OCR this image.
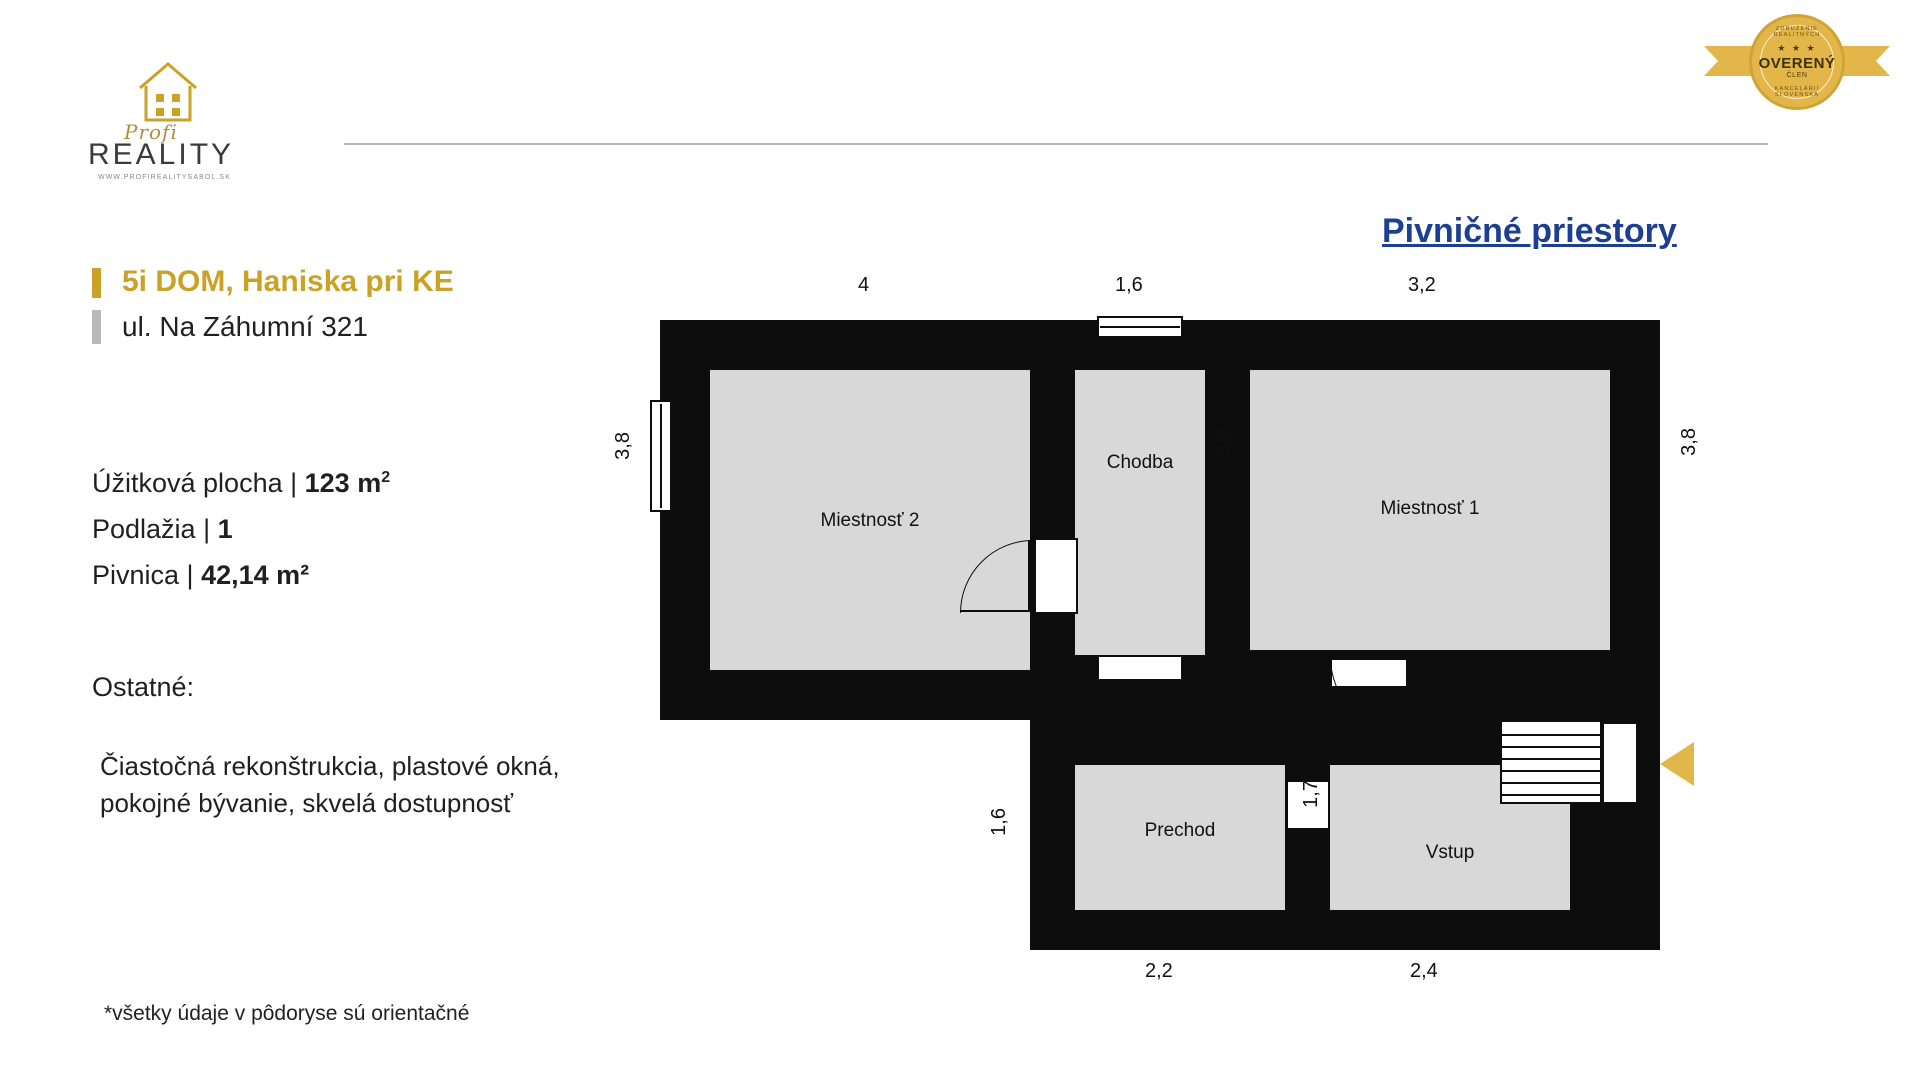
Profi
REALITY
WWW.PROFIREALITYSABOL.SK
ZDRUŽENIE REALITNÝCH
★ ★ ★
OVERENÝ
ČLEN
KANCELÁRIÍ SLOVENSKA
5i DOM, Haniska pri KE
ul. Na Záhumní 321
Úžitková plocha | 123 $m^2$
Podlažia | 1
Pivnica | 42,14 m²
Ostatné:
Čiastočná rekonštrukcia, plastové okná, pokojné bývanie, skvelá dostupnosť
*všetky údaje v pôdoryse sú orientačné
Pivničné priestory
Miestnosť 2
Chodba
Miestnosť 1
Prechod
Vstup
4	1,6	3,2
3,8	3,8	3,8
1,6
1,7
2,2	2,4
